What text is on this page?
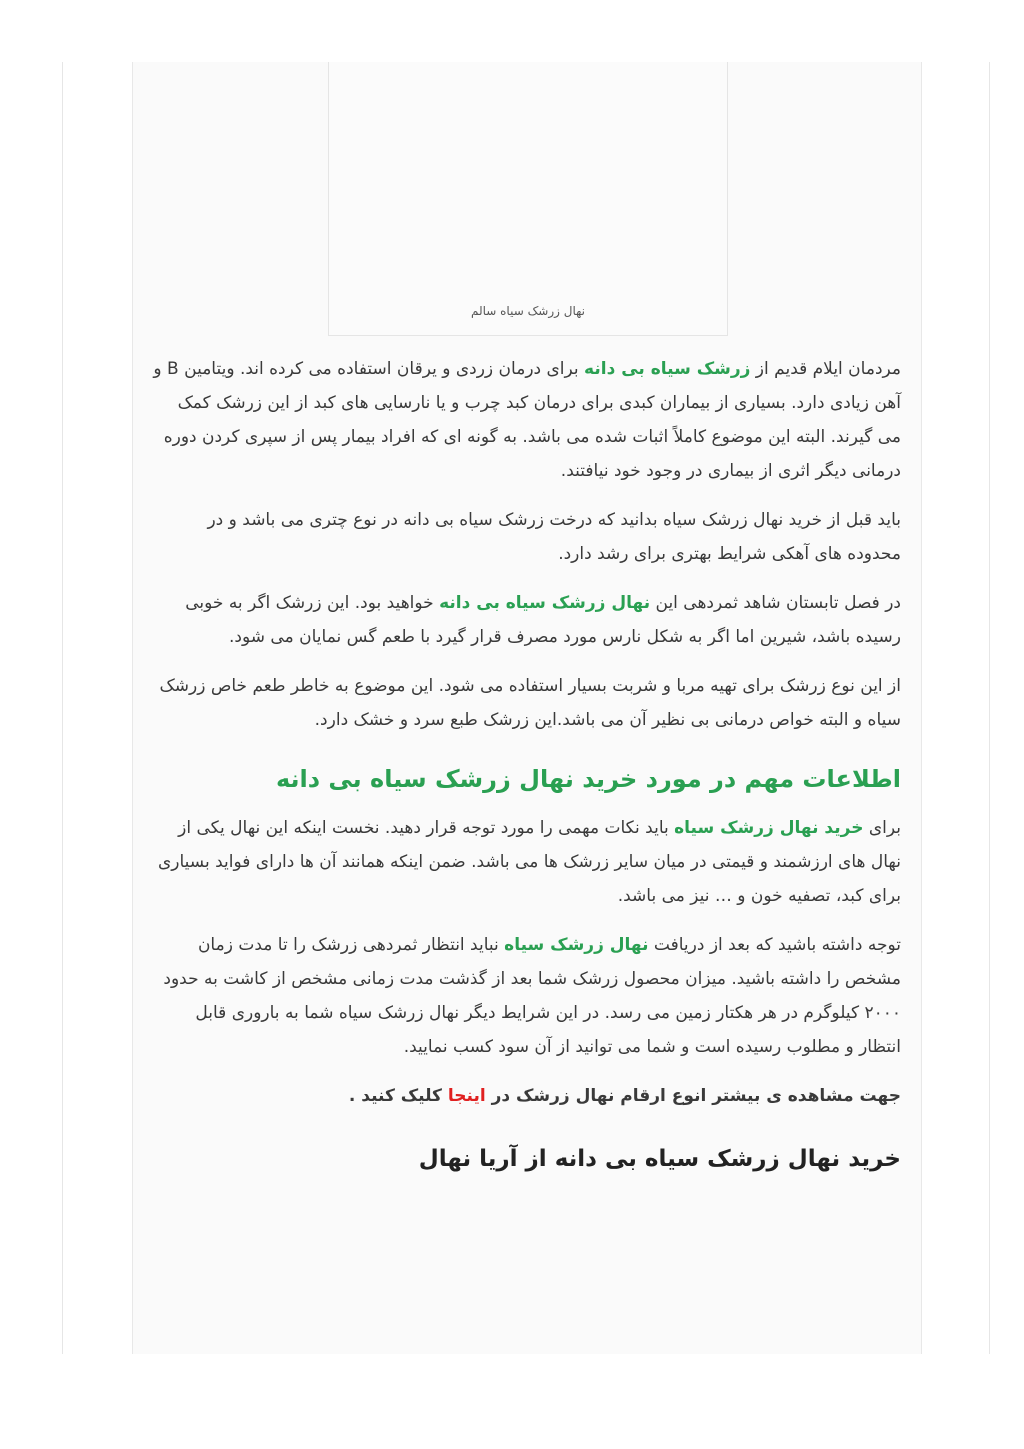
نهال زرشک سیاه سالم

مردمان ایلام قدیم از زرشک سیاه بی دانه برای درمان زردی و یرقان استفاده می کرده اند. ویتامین B و آهن زیادی دارد. بسیاری از بیماران کبدی برای درمان کبد چرب و یا نارسایی های کبد از این زرشک کمک می گیرند. البته این موضوع کاملاً اثبات شده می باشد. به گونه ای که افراد بیمار پس از سپری کردن دوره درمانی دیگر اثری از بیماری در وجود خود نیافتند.

باید قبل از خرید نهال زرشک سیاه بدانید که درخت زرشک سیاه بی دانه در نوع چتری می باشد و در محدوده های آهکی شرایط بهتری برای رشد دارد.

در فصل تابستان شاهد ثمردهی این نهال زرشک سیاه بی دانه خواهید بود. این زرشک اگر به خوبی رسیده باشد، شیرین اما اگر به شکل نارس مورد مصرف قرار گیرد با طعم گس نمایان می شود.

از این نوع زرشک برای تهیه مربا و شربت بسیار استفاده می شود. این موضوع به خاطر طعم خاص زرشک سیاه و البته خواص درمانی بی نظیر آن می باشد.این زرشک طبع سرد و خشک دارد.

اطلاعات مهم در مورد خرید نهال زرشک سیاه بی دانه

برای خرید نهال زرشک سیاه باید نکات مهمی را مورد توجه قرار دهید. نخست اینکه این نهال یکی از نهال های ارزشمند و قیمتی در میان سایر زرشک ها می باشد. ضمن اینکه همانند آن ها دارای فواید بسیاری برای کبد، تصفیه خون و … نیز می باشد.

توجه داشته باشید که بعد از دریافت نهال زرشک سیاه نباید انتظار ثمردهی زرشک را تا مدت زمان مشخص را داشته باشید. میزان محصول زرشک شما بعد از گذشت مدت زمانی مشخص از کاشت به حدود ۲۰۰۰ کیلوگرم در هر هکتار زمین می رسد. در این شرایط دیگر نهال زرشک سیاه شما به باروری قابل انتظار و مطلوب رسیده است و شما می توانید از آن سود کسب نمایید.

جهت مشاهده ی بیشتر انوع ارقام نهال زرشک در اینجا کلیک کنید .

خرید نهال زرشک سیاه بی دانه از آریا نهال
